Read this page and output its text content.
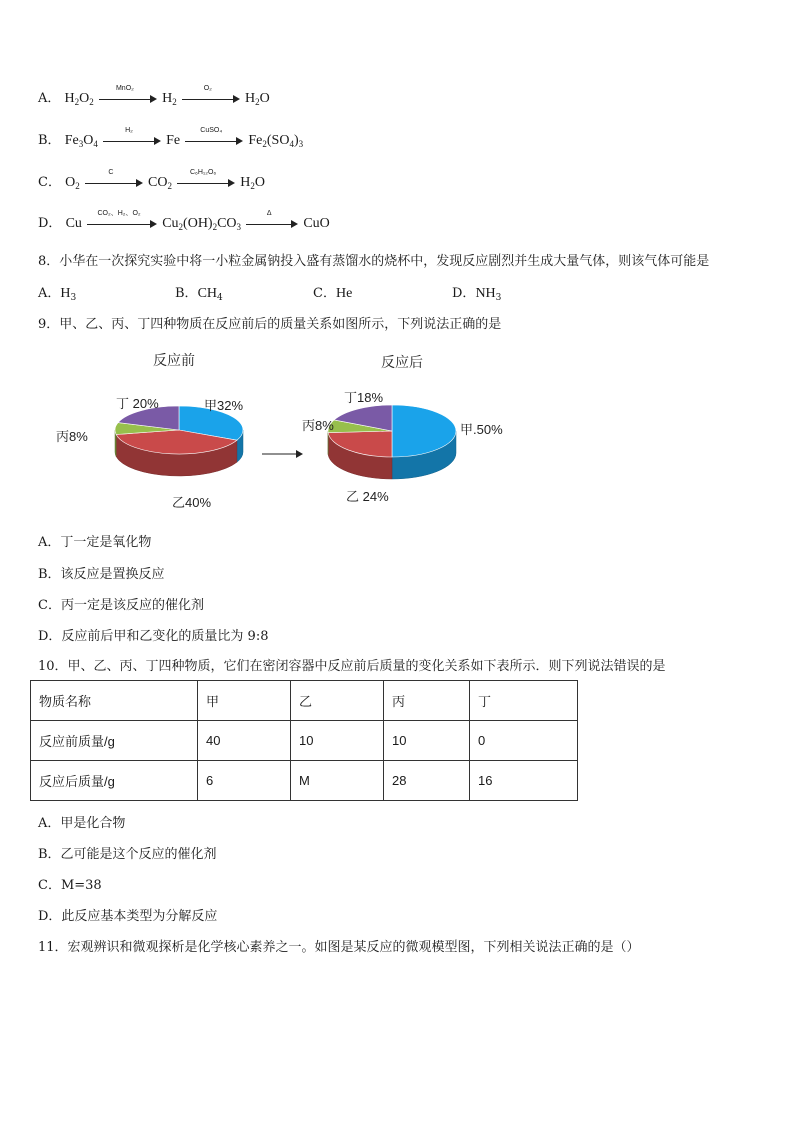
A． $H_2O_2$
MnO₂
$H_2$
O₂
$H_2O$
B． $Fe_3O_4$
H₂
Fe
CuSO₄
$Fe_2(SO_4)_3$
C． $O_2$
C
$CO_2$
C₆H₁₂O₆
$H_2O$
D． Cu
CO₂、H₂、O₂
$Cu_2(OH)_2CO_3$
Δ
CuO
8．小华在一次探究实验中将一小粒金属钠投入盛有蒸馏水的烧杯中，发现反应剧烈并生成大量气体，则该气体可能是
A．$H_3$	B．$CH_4$	C．He	D．$NH_3$
9．甲、乙、丙、丁四种物质在反应前后的质量关系如图所示，下列说法正确的是
反应前
甲32%
乙40%
丙8%
丁 20%
反应后
甲.50%
乙 24%
丙8%
丁18%
A．丁一定是氧化物
B．该反应是置换反应
C．丙一定是该反应的催化剂
D．反应前后甲和乙变化的质量比为 9:8
10．甲、乙、丙、丁四种物质，它们在密闭容器中反应前后质量的变化关系如下表所示．则下列说法错误的是
物质名称	甲	乙	丙	丁
反应前质量/g	40	10	10	0
反应后质量/g	6	M	28	16
A．甲是化合物
B．乙可能是这个反应的催化剂
C．M=38
D．此反应基本类型为分解反应
11．宏观辨识和微观探析是化学核心素养之一。如图是某反应的微观模型图，下列相关说法正确的是（）
